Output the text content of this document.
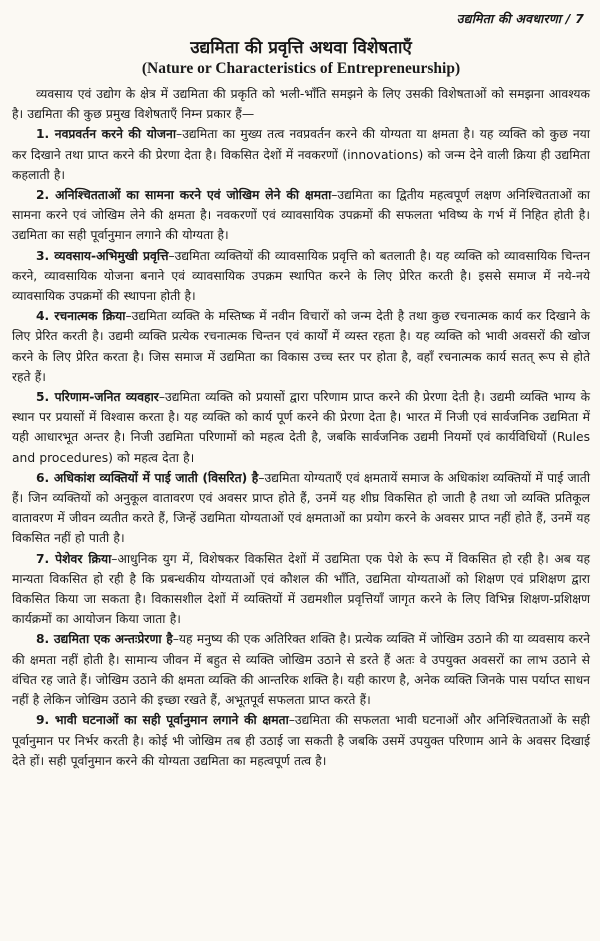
उद्यमिता की अवधारणा / 7
उद्यमिता की प्रवृत्ति अथवा विशेषताएँ
(Nature or Characteristics of Entrepreneurship)

व्यवसाय एवं उद्योग के क्षेत्र में उद्यमिता की प्रकृति को भली-भाँति समझने के लिए उसकी विशेषताओं को समझना आवश्यक है। उद्यमिता की कुछ प्रमुख विशेषताएँ निम्न प्रकार हैं—

1. नवप्रवर्तन करने की योजना–उद्यमिता का मुख्य तत्व नवप्रवर्तन करने की योग्यता या क्षमता है। यह व्यक्ति को कुछ नया कर दिखाने तथा प्राप्त करने की प्रेरणा देता है। विकसित देशों में नवकरणों (innovations) को जन्म देने वाली क्रिया ही उद्यमिता कहलाती है।

2. अनिश्चितताओं का सामना करने एवं जोखिम लेने की क्षमता–उद्यमिता का द्वितीय महत्वपूर्ण लक्षण अनिश्चितताओं का सामना करने एवं जोखिम लेने की क्षमता है। नवकरणों एवं व्यावसायिक उपक्रमों की सफलता भविष्य के गर्भ में निहित होती है। उद्यमिता का सही पूर्वानुमान लगाने की योग्यता है।

3. व्यवसाय-अभिमुखी प्रवृत्ति–उद्यमिता व्यक्तियों की व्यावसायिक प्रवृत्ति को बतलाती है। यह व्यक्ति को व्यावसायिक चिन्तन करने, व्यावसायिक योजना बनाने एवं व्यावसायिक उपक्रम स्थापित करने के लिए प्रेरित करती है। इससे समाज में नये-नये व्यावसायिक उपक्रमों की स्थापना होती है।

4. रचनात्मक क्रिया–उद्यमिता व्यक्ति के मस्तिष्क में नवीन विचारों को जन्म देती है तथा कुछ रचनात्मक कार्य कर दिखाने के लिए प्रेरित करती है। उद्यमी व्यक्ति प्रत्येक रचनात्मक चिन्तन एवं कार्यों में व्यस्त रहता है। यह व्यक्ति को भावी अवसरों की खोज करने के लिए प्रेरित करता है। जिस समाज में उद्यमिता का विकास उच्च स्तर पर होता है, वहाँ रचनात्मक कार्य सतत् रूप से होते रहते हैं।

5. परिणाम-जनित व्यवहार–उद्यमिता व्यक्ति को प्रयासों द्वारा परिणाम प्राप्त करने की प्रेरणा देती है। उद्यमी व्यक्ति भाग्य के स्थान पर प्रयासों में विश्वास करता है। यह व्यक्ति को कार्य पूर्ण करने की प्रेरणा देता है। भारत में निजी एवं सार्वजनिक उद्यमिता में यही आधारभूत अन्तर है। निजी उद्यमिता परिणामों को महत्व देती है, जबकि सार्वजनिक उद्यमी नियमों एवं कार्यविधियों (Rules and procedures) को महत्व देता है।

6. अधिकांश व्यक्तियों में पाई जाती (विसरित) है–उद्यमिता योग्यताएँ एवं क्षमतायें समाज के अधिकांश व्यक्तियों में पाई जाती हैं। जिन व्यक्तियों को अनुकूल वातावरण एवं अवसर प्राप्त होते हैं, उनमें यह शीघ्र विकसित हो जाती है तथा जो व्यक्ति प्रतिकूल वातावरण में जीवन व्यतीत करते हैं, जिन्हें उद्यमिता योग्यताओं एवं क्षमताओं का प्रयोग करने के अवसर प्राप्त नहीं होते हैं, उनमें यह विकसित नहीं हो पाती है।

7. पेशेवर क्रिया–आधुनिक युग में, विशेषकर विकसित देशों में उद्यमिता एक पेशे के रूप में विकसित हो रही है। अब यह मान्यता विकसित हो रही है कि प्रबन्धकीय योग्यताओं एवं कौशल की भाँति, उद्यमिता योग्यताओं को शिक्षण एवं प्रशिक्षण द्वारा विकसित किया जा सकता है। विकासशील देशों में व्यक्तियों में उद्यमशील प्रवृत्तियाँ जागृत करने के लिए विभिन्न शिक्षण-प्रशिक्षण कार्यक्रमों का आयोजन किया जाता है।

8. उद्यमिता एक अन्तःप्रेरणा है–यह मनुष्य की एक अतिरिक्त शक्ति है। प्रत्येक व्यक्ति में जोखिम उठाने की या व्यवसाय करने की क्षमता नहीं होती है। सामान्य जीवन में बहुत से व्यक्ति जोखिम उठाने से डरते हैं अतः वे उपयुक्त अवसरों का लाभ उठाने से वंचित रह जाते हैं। जोखिम उठाने की क्षमता व्यक्ति की आन्तरिक शक्ति है। यही कारण है, अनेक व्यक्ति जिनके पास पर्याप्त साधन नहीं है लेकिन जोखिम उठाने की इच्छा रखते हैं, अभूतपूर्व सफलता प्राप्त करते हैं।

9. भावी घटनाओं का सही पूर्वानुमान लगाने की क्षमता–उद्यमिता की सफलता भावी घटनाओं और अनिश्चितताओं के सही पूर्वानुमान पर निर्भर करती है। कोई भी जोखिम तब ही उठाई जा सकती है जबकि उसमें उपयुक्त परिणाम आने के अवसर दिखाई देते हों। सही पूर्वानुमान करने की योग्यता उद्यमिता का महत्वपूर्ण तत्व है।
